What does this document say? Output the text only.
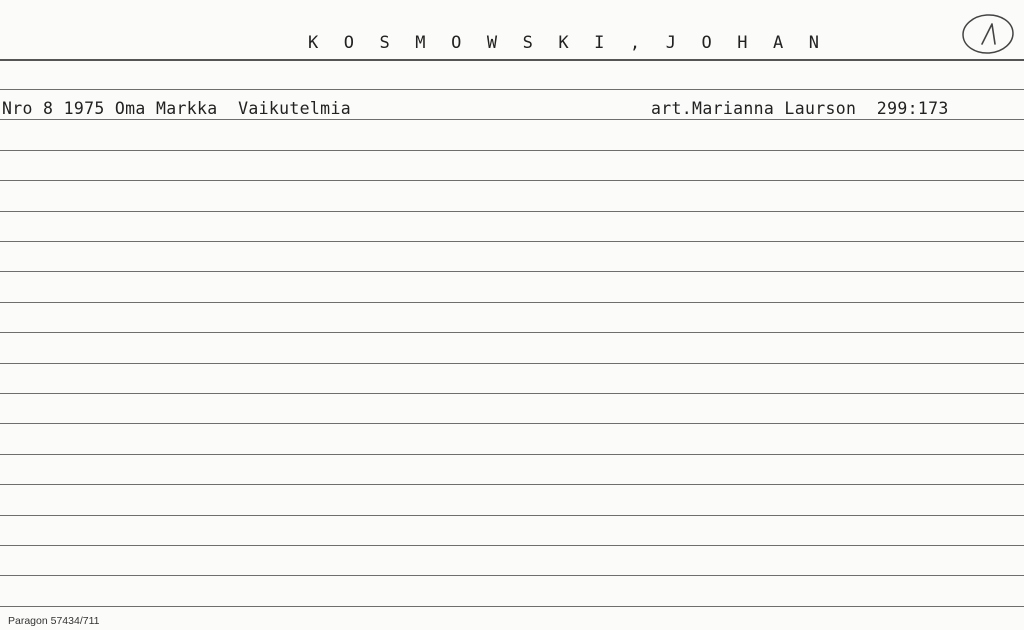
K O S M O W S K I , J O H A N
Nro 8 1975 Oma Markka  Vaikutelmia	art.Marianna Laurson  299:173
Paragon 57434/711
